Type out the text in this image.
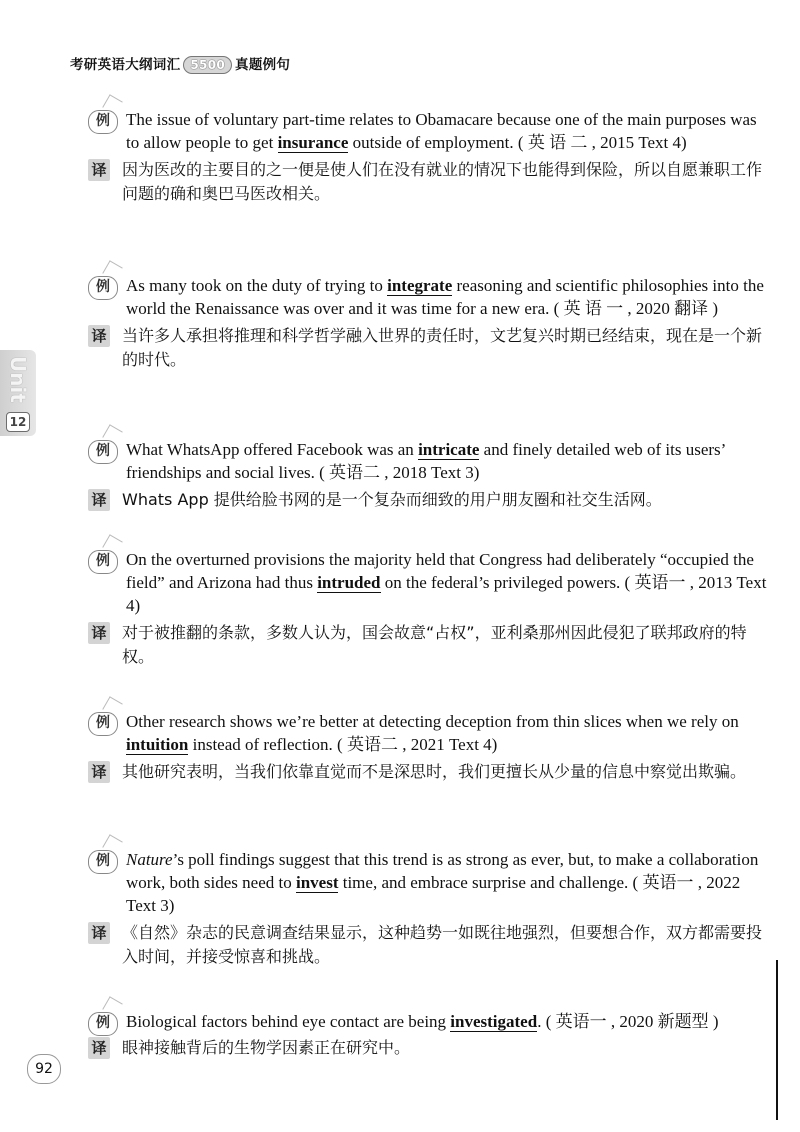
考研英语大纲词汇 5500 真题例句
Unit
12
例 The issue of voluntary part-time relates to Obamacare because one of the main purposes was to allow people to get insurance outside of employment. ( 英 语 二 , 2015 Text 4)
译 因为医改的主要目的之一便是使人们在没有就业的情况下也能得到保险，所以自愿兼职工作问题的确和奥巴马医改相关。
例 As many took on the duty of trying to integrate reasoning and scientific philosophies into the world the Renaissance was over and it was time for a new era. ( 英 语 一 , 2020 翻译 )
译 当许多人承担将推理和科学哲学融入世界的责任时，文艺复兴时期已经结束，现在是一个新的时代。
例 What WhatsApp offered Facebook was an intricate and finely detailed web of its users’ friendships and social lives. ( 英语二 , 2018 Text 3)
译 Whats App 提供给脸书网的是一个复杂而细致的用户朋友圈和社交生活网。
例 On the overturned provisions the majority held that Congress had deliberately “occupied the field” and Arizona had thus intruded on the federal’s privileged powers. ( 英语一 , 2013 Text 4)
译 对于被推翻的条款，多数人认为，国会故意“占权”，亚利桑那州因此侵犯了联邦政府的特权。
例 Other research shows we’re better at detecting deception from thin slices when we rely on intuition instead of reflection. ( 英语二 , 2021 Text 4)
译 其他研究表明，当我们依靠直觉而不是深思时，我们更擅长从少量的信息中察觉出欺骗。
例 Nature’s poll findings suggest that this trend is as strong as ever, but, to make a collaboration work, both sides need to invest time, and embrace surprise and challenge. ( 英语一 , 2022 Text 3)
译 《自然》杂志的民意调查结果显示，这种趋势一如既往地强烈，但要想合作，双方都需要投入时间，并接受惊喜和挑战。
例 Biological factors behind eye contact are being investigated. ( 英语一 , 2020 新题型 )
译 眼神接触背后的生物学因素正在研究中。
92
